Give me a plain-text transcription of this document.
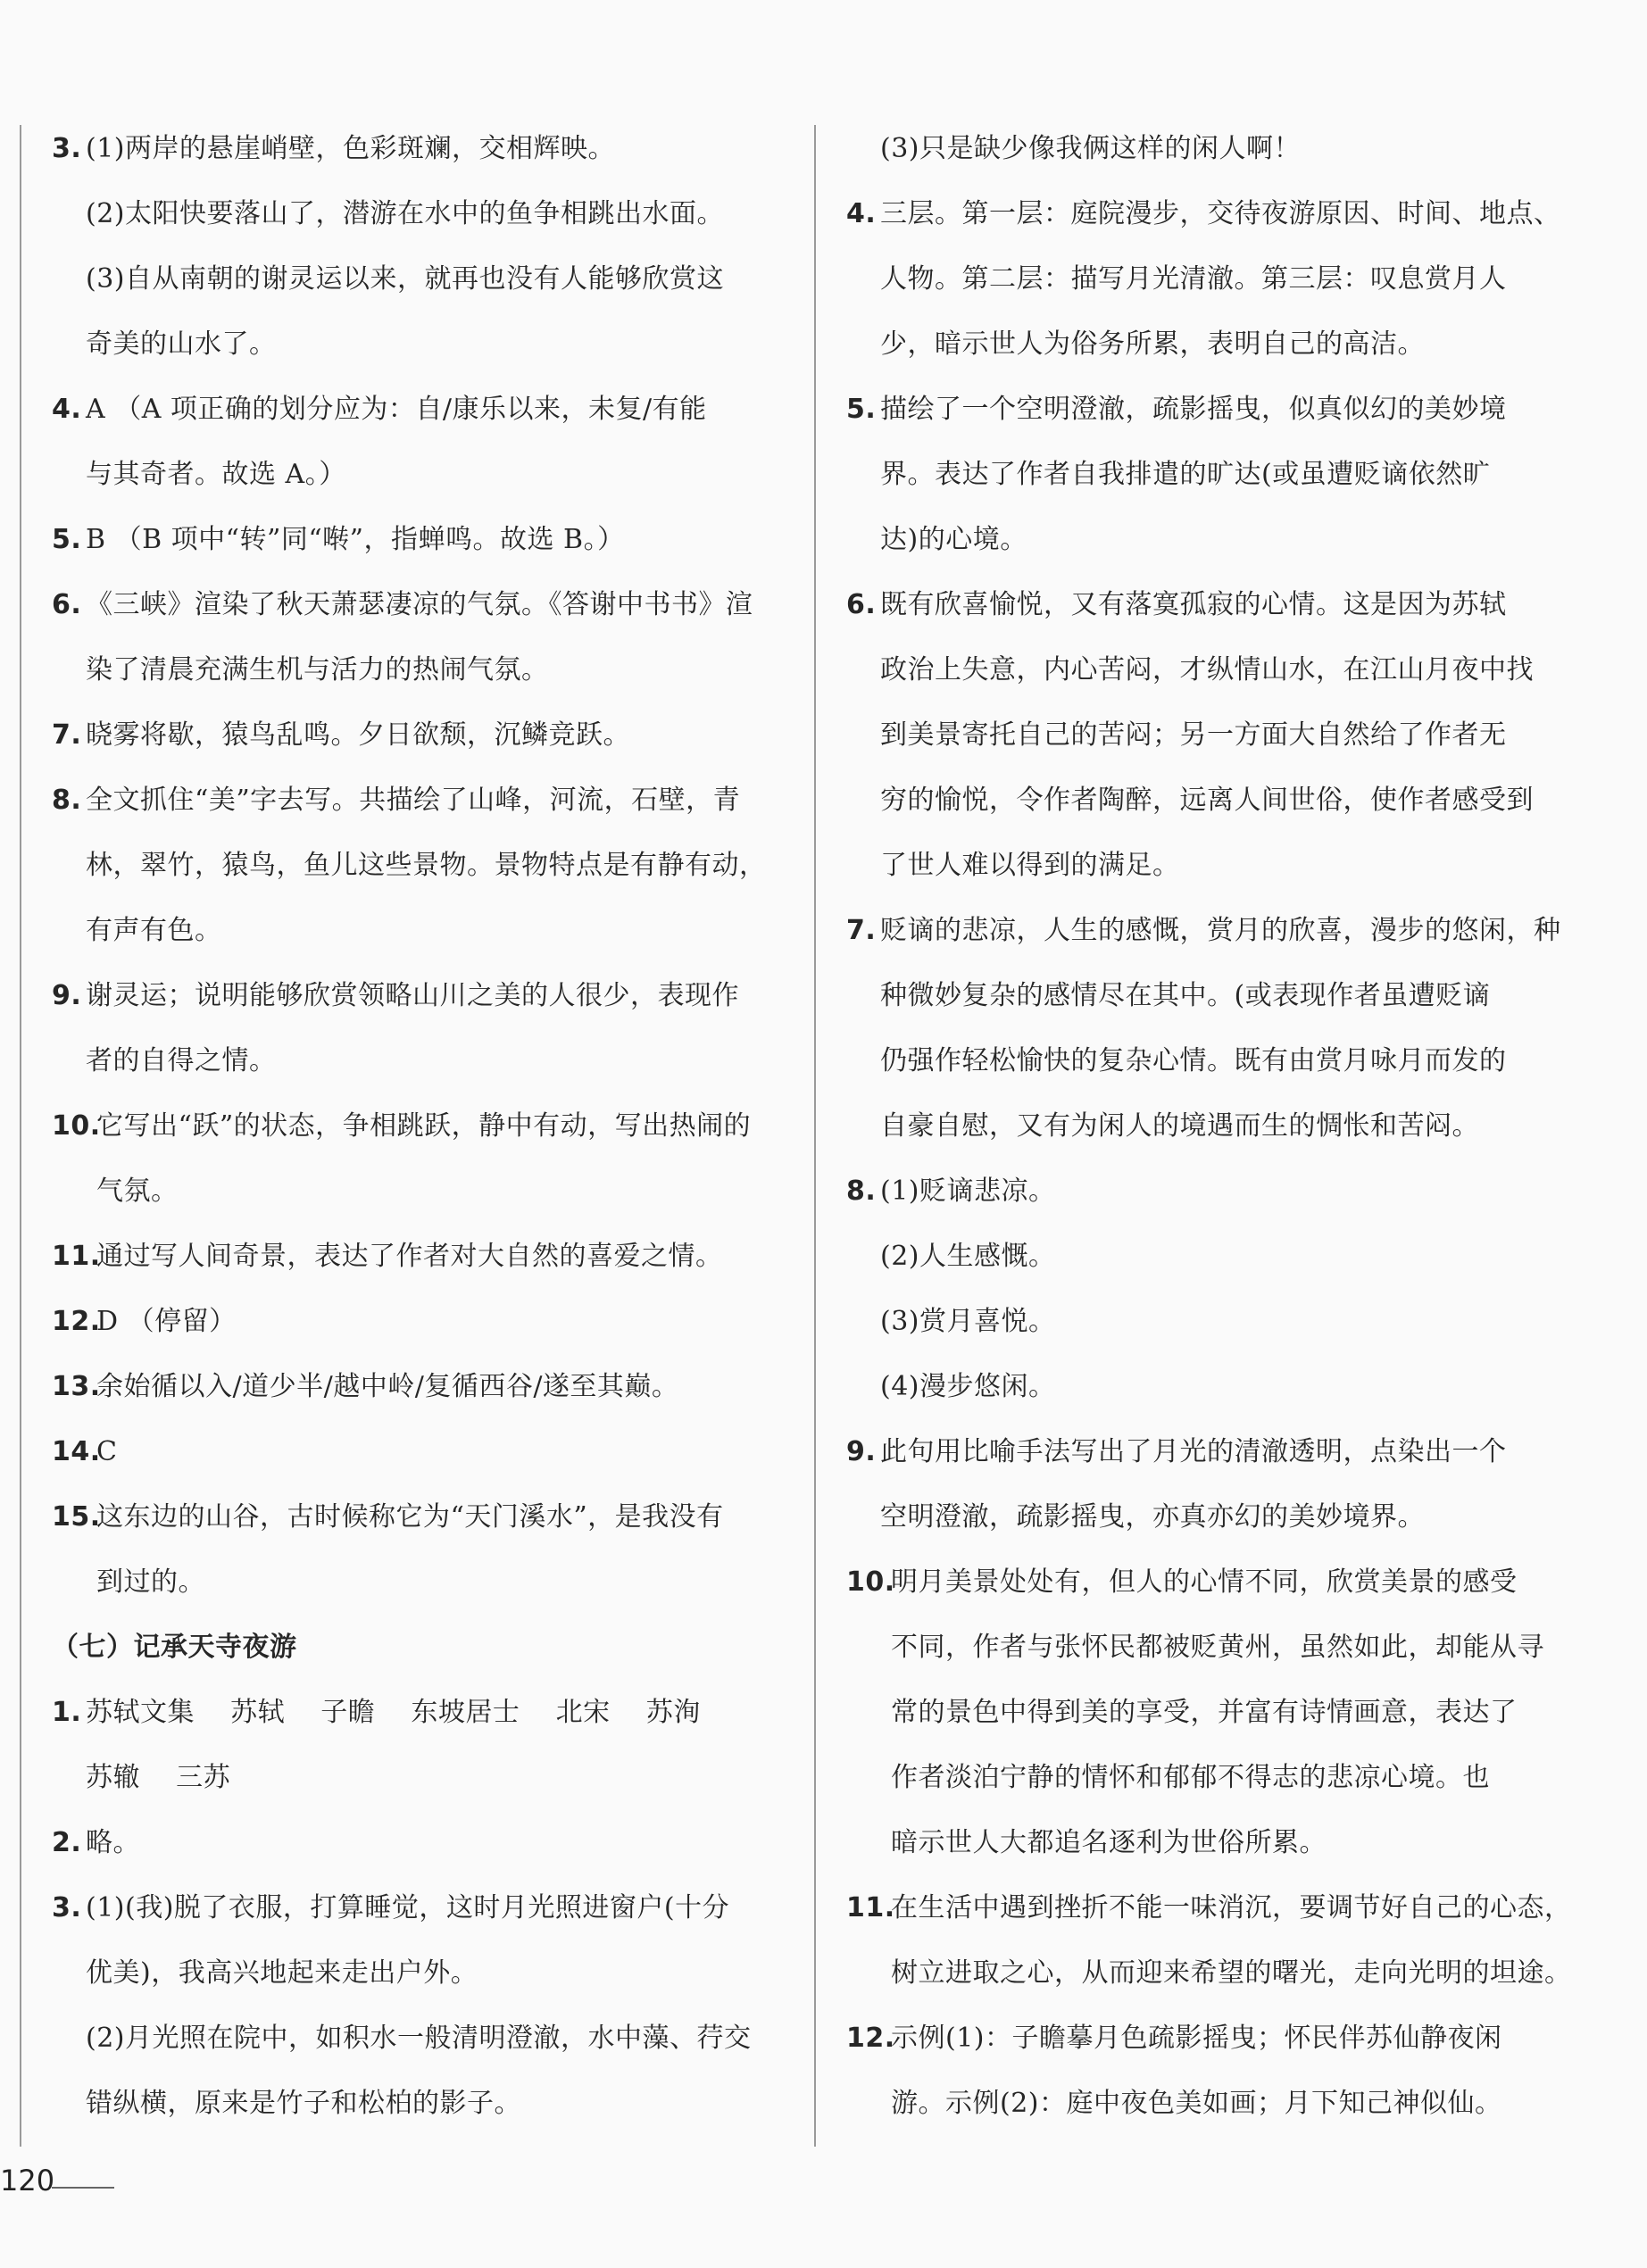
3. (1)两岸的悬崖峭壁，色彩斑斓，交相辉映。
(2)太阳快要落山了，潜游在水中的鱼争相跳出水面。
(3)自从南朝的谢灵运以来，就再也没有人能够欣赏这
奇美的山水了。
4. A （A 项正确的划分应为：自/康乐以来，未复/有能
与其奇者。故选 A。）
5. B （B 项中“转”同“啭”，指蝉鸣。故选 B。）
6. 《三峡》渲染了秋天萧瑟凄凉的气氛。《答谢中书书》渲
染了清晨充满生机与活力的热闹气氛。
7. 晓雾将歇，猿鸟乱鸣。夕日欲颓，沉鳞竞跃。
8. 全文抓住“美”字去写。共描绘了山峰，河流，石壁，青
林，翠竹，猿鸟，鱼儿这些景物。景物特点是有静有动，
有声有色。
9. 谢灵运；说明能够欣赏领略山川之美的人很少，表现作
者的自得之情。
10.
它写出“跃”的状态，争相跳跃，静中有动，写出热闹的
气氛。
11.
通过写人间奇景，表达了作者对大自然的喜爱之情。
12.
D （停留）
13.
余始循以入/道少半/越中岭/复循西谷/遂至其巅。
14.
C
15.
这东边的山谷，古时候称它为“天门溪水”，是我没有
到过的。
（七）记承天寺夜游
1. 苏轼文集    苏轼    子瞻    东坡居士    北宋    苏洵
苏辙    三苏
2. 略。
3. (1)(我)脱了衣服，打算睡觉，这时月光照进窗户(十分
优美)，我高兴地起来走出户外。
(2)月光照在院中，如积水一般清明澄澈，水中藻、荇交
错纵横，原来是竹子和松柏的影子。
(3)只是缺少像我俩这样的闲人啊！
4. 三层。第一层：庭院漫步，交待夜游原因、时间、地点、
人物。第二层：描写月光清澈。第三层：叹息赏月人
少，暗示世人为俗务所累，表明自己的高洁。
5. 描绘了一个空明澄澈，疏影摇曳，似真似幻的美妙境
界。表达了作者自我排遣的旷达(或虽遭贬谪依然旷
达)的心境。
6. 既有欣喜愉悦，又有落寞孤寂的心情。这是因为苏轼
政治上失意，内心苦闷，才纵情山水，在江山月夜中找
到美景寄托自己的苦闷；另一方面大自然给了作者无
穷的愉悦，令作者陶醉，远离人间世俗，使作者感受到
了世人难以得到的满足。
7. 贬谪的悲凉，人生的感慨，赏月的欣喜，漫步的悠闲，种
种微妙复杂的感情尽在其中。(或表现作者虽遭贬谪
仍强作轻松愉快的复杂心情。既有由赏月咏月而发的
自豪自慰，又有为闲人的境遇而生的惆怅和苦闷。
8. (1)贬谪悲凉。
(2)人生感慨。
(3)赏月喜悦。
(4)漫步悠闲。
9. 此句用比喻手法写出了月光的清澈透明，点染出一个
空明澄澈，疏影摇曳，亦真亦幻的美妙境界。
10.
明月美景处处有，但人的心情不同，欣赏美景的感受
不同，作者与张怀民都被贬黄州，虽然如此，却能从寻
常的景色中得到美的享受，并富有诗情画意，表达了
作者淡泊宁静的情怀和郁郁不得志的悲凉心境。也
暗示世人大都追名逐利为世俗所累。
11.
在生活中遇到挫折不能一味消沉，要调节好自己的心态，
树立进取之心，从而迎来希望的曙光，走向光明的坦途。
12.
示例(1)：子瞻摹月色疏影摇曳；怀民伴苏仙静夜闲
游。示例(2)：庭中夜色美如画；月下知己神似仙。
120
